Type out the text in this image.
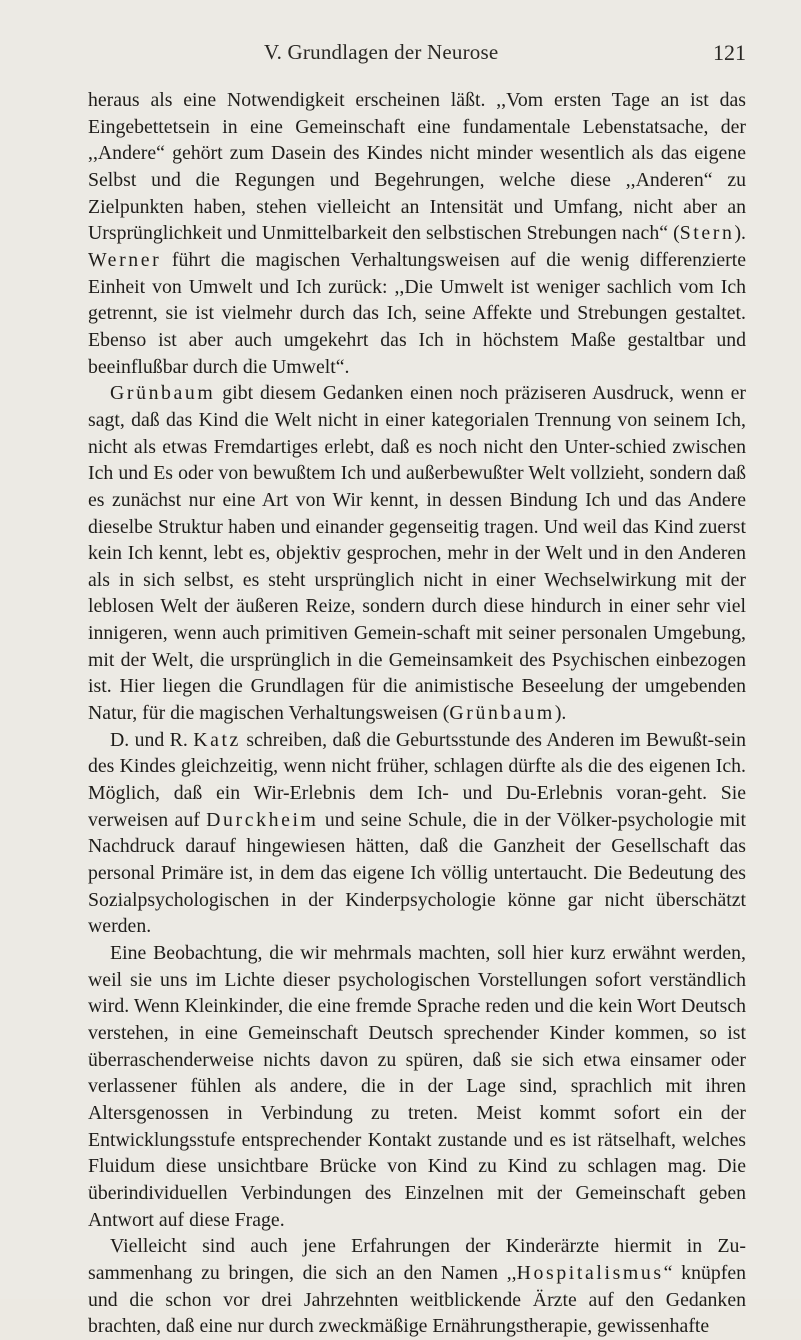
V. Grundlagen der Neurose	121

heraus als eine Notwendigkeit erscheinen läßt. ,,Vom ersten Tage an ist das Eingebettetsein in eine Gemeinschaft eine fundamentale Lebenstatsache, der ,,Andere“ gehört zum Dasein des Kindes nicht minder wesentlich als das eigene Selbst und die Regungen und Begehrungen, welche diese ,,Anderen“ zu Zielpunkten haben, stehen vielleicht an Intensität und Umfang, nicht aber an Ursprünglichkeit und Unmittelbarkeit den selbstischen Strebungen nach“ (Stern). Werner führt die magischen Verhaltungsweisen auf die wenig differenzierte Einheit von Umwelt und Ich zurück: ,,Die Umwelt ist weniger sachlich vom Ich getrennt, sie ist vielmehr durch das Ich, seine Affekte und Strebungen gestaltet. Ebenso ist aber auch umgekehrt das Ich in höchstem Maße gestaltbar und beeinflußbar durch die Umwelt“.

Grünbaum gibt diesem Gedanken einen noch präziseren Ausdruck, wenn er sagt, daß das Kind die Welt nicht in einer kategorialen Trennung von seinem Ich, nicht als etwas Fremdartiges erlebt, daß es noch nicht den Unter-schied zwischen Ich und Es oder von bewußtem Ich und außerbewußter Welt vollzieht, sondern daß es zunächst nur eine Art von Wir kennt, in dessen Bindung Ich und das Andere dieselbe Struktur haben und einander gegenseitig tragen. Und weil das Kind zuerst kein Ich kennt, lebt es, objektiv gesprochen, mehr in der Welt und in den Anderen als in sich selbst, es steht ursprünglich nicht in einer Wechselwirkung mit der leblosen Welt der äußeren Reize, sondern durch diese hindurch in einer sehr viel innigeren, wenn auch primitiven Gemein-schaft mit seiner personalen Umgebung, mit der Welt, die ursprünglich in die Gemeinsamkeit des Psychischen einbezogen ist. Hier liegen die Grundlagen für die animistische Beseelung der umgebenden Natur, für die magischen Verhaltungsweisen (Grünbaum).

D. und R. Katz schreiben, daß die Geburtsstunde des Anderen im Bewußt-sein des Kindes gleichzeitig, wenn nicht früher, schlagen dürfte als die des eigenen Ich. Möglich, daß ein Wir-Erlebnis dem Ich- und Du-Erlebnis voran-geht. Sie verweisen auf Durckheim und seine Schule, die in der Völker-psychologie mit Nachdruck darauf hingewiesen hätten, daß die Ganzheit der Gesellschaft das personal Primäre ist, in dem das eigene Ich völlig untertaucht. Die Bedeutung des Sozialpsychologischen in der Kinderpsychologie könne gar nicht überschätzt werden.

Eine Beobachtung, die wir mehrmals machten, soll hier kurz erwähnt werden, weil sie uns im Lichte dieser psychologischen Vorstellungen sofort verständlich wird. Wenn Kleinkinder, die eine fremde Sprache reden und die kein Wort Deutsch verstehen, in eine Gemeinschaft Deutsch sprechender Kinder kommen, so ist überraschenderweise nichts davon zu spüren, daß sie sich etwa einsamer oder verlassener fühlen als andere, die in der Lage sind, sprachlich mit ihren Altersgenossen in Verbindung zu treten. Meist kommt sofort ein der Entwicklungsstufe entsprechender Kontakt zustande und es ist rätselhaft, welches Fluidum diese unsichtbare Brücke von Kind zu Kind zu schlagen mag. Die überindividuellen Verbindungen des Einzelnen mit der Gemeinschaft geben Antwort auf diese Frage.

Vielleicht sind auch jene Erfahrungen der Kinderärzte hiermit in Zu-sammenhang zu bringen, die sich an den Namen ,,Hospitalismus“ knüpfen und die schon vor drei Jahrzehnten weitblickende Ärzte auf den Gedanken brachten, daß eine nur durch zweckmäßige Ernährungstherapie, gewissenhafte
